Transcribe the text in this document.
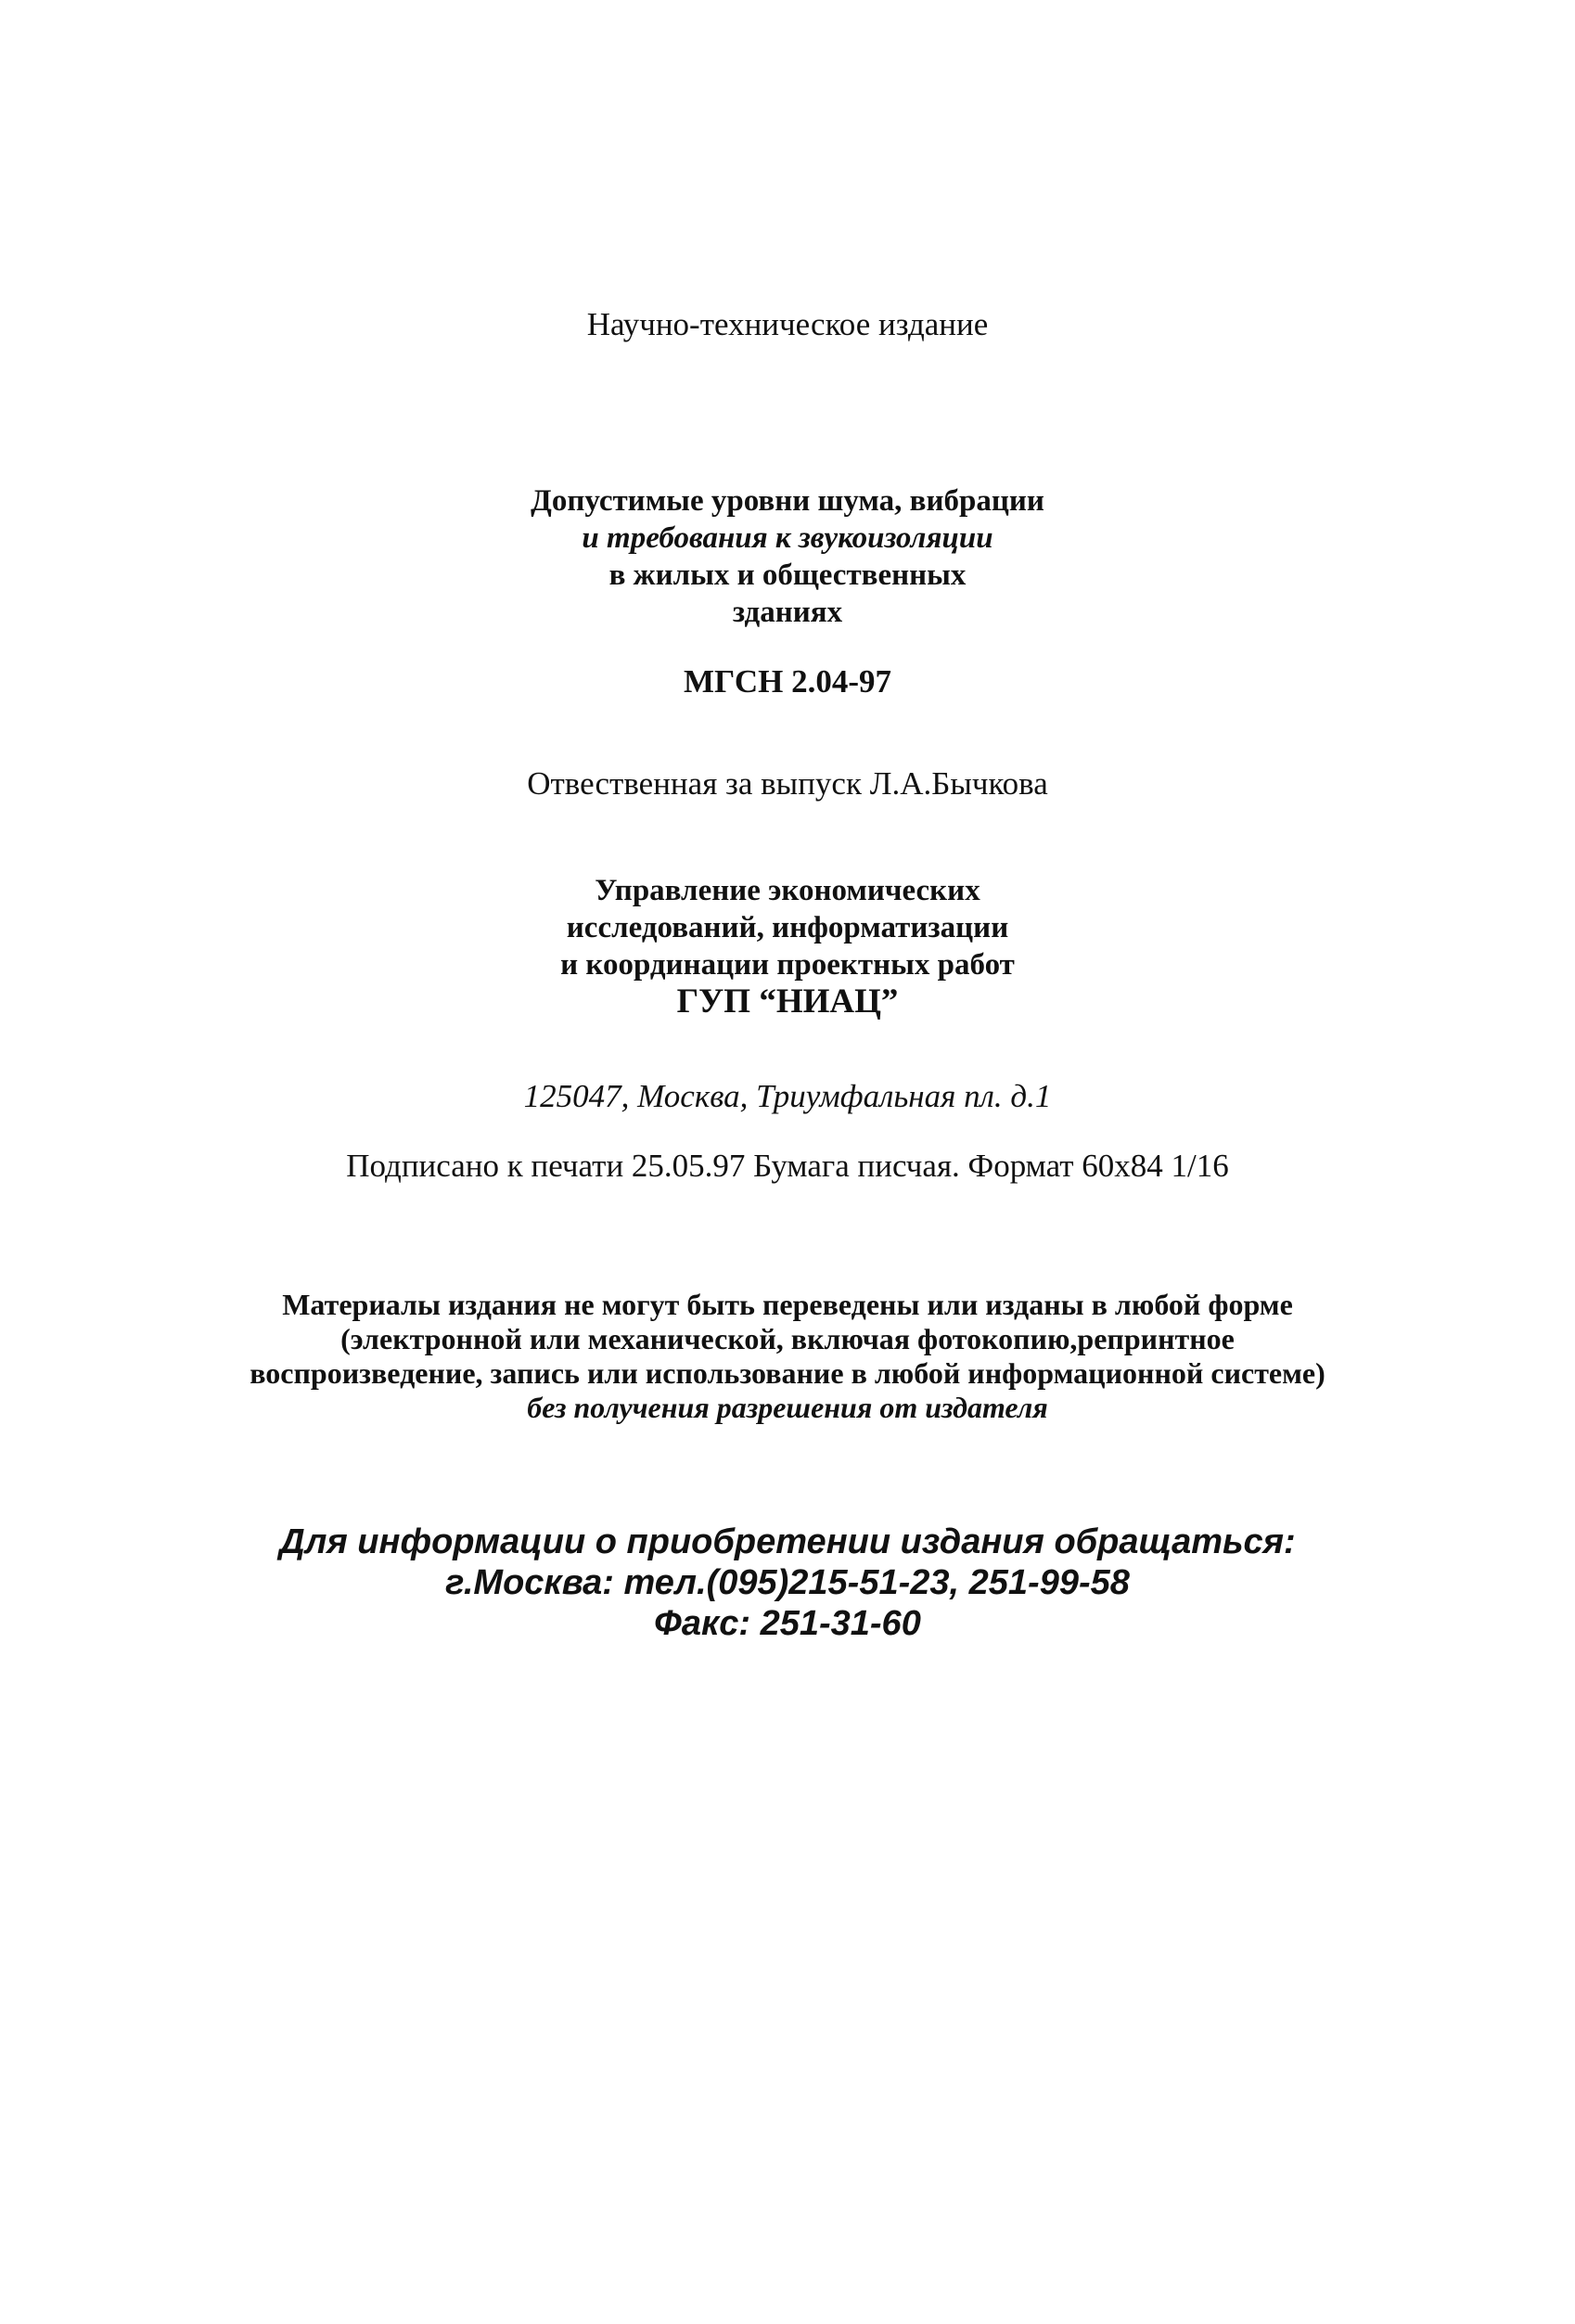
Научно-техническое издание
Допустимые уровни шума, вибрации
и требования к звукоизоляции
в жилых и общественных
зданиях
МГСН 2.04-97
Отвественная за выпуск Л.А.Бычкова
Управление экономических
исследований, информатизации
и координации проектных работ
ГУП “НИАЦ”
125047, Москва, Триумфальная пл. д.1
Подписано к печати 25.05.97 Бумага писчая. Формат 60х84 1/16
Материалы издания не могут быть переведены или изданы в любой форме
(электронной или механической, включая фотокопию,репринтное
воспроизведение, запись или использование в любой информационной системе)
без получения разрешения от издателя
Для информации о приобретении издания обращаться:
г.Москва: тел.(095)215-51-23, 251-99-58
Факс: 251-31-60
